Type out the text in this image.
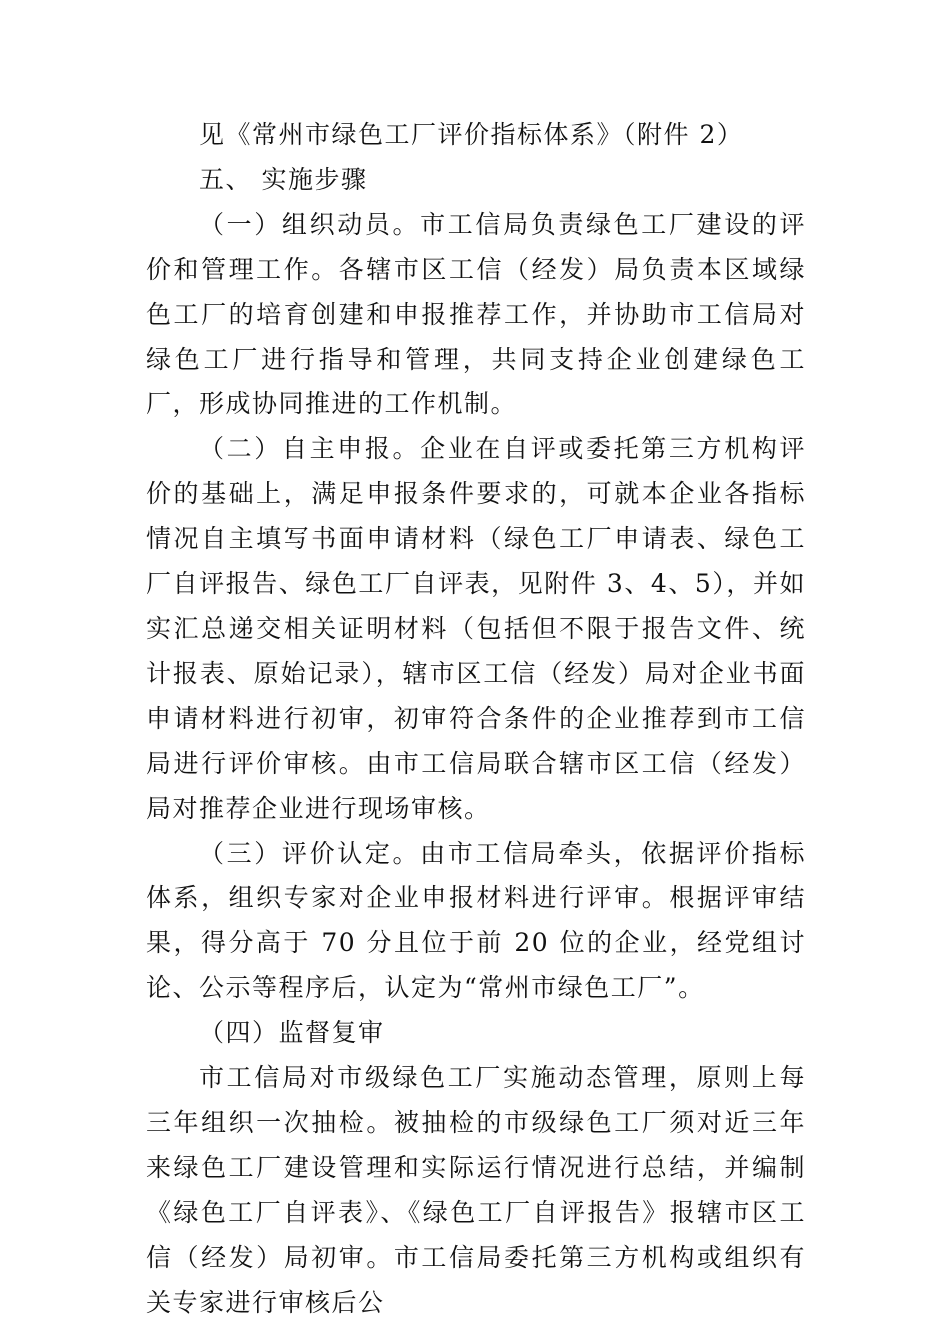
见《常州市绿色工厂评价指标体系》（附件 2）

五、 实施步骤

（一）组织动员。市工信局负责绿色工厂建设的评价和管理工作。各辖市区工信（经发）局负责本区域绿色工厂的培育创建和申报推荐工作，并协助市工信局对绿色工厂进行指导和管理，共同支持企业创建绿色工厂，形成协同推进的工作机制。

（二）自主申报。企业在自评或委托第三方机构评价的基础上，满足申报条件要求的，可就本企业各指标情况自主填写书面申请材料（绿色工厂申请表、绿色工厂自评报告、绿色工厂自评表，见附件 3、4、5），并如实汇总递交相关证明材料（包括但不限于报告文件、统计报表、原始记录），辖市区工信（经发）局对企业书面申请材料进行初审，初审符合条件的企业推荐到市工信局进行评价审核。由市工信局联合辖市区工信（经发）局对推荐企业进行现场审核。

（三）评价认定。由市工信局牵头，依据评价指标体系，组织专家对企业申报材料进行评审。根据评审结果，得分高于 70 分且位于前 20 位的企业，经党组讨论、公示等程序后，认定为“常州市绿色工厂”。

（四）监督复审

市工信局对市级绿色工厂实施动态管理，原则上每三年组织一次抽检。被抽检的市级绿色工厂须对近三年来绿色工厂建设管理和实际运行情况进行总结，并编制《绿色工厂自评表》、《绿色工厂自评报告》报辖市区工信（经发）局初审。市工信局委托第三方机构或组织有关专家进行审核后公
